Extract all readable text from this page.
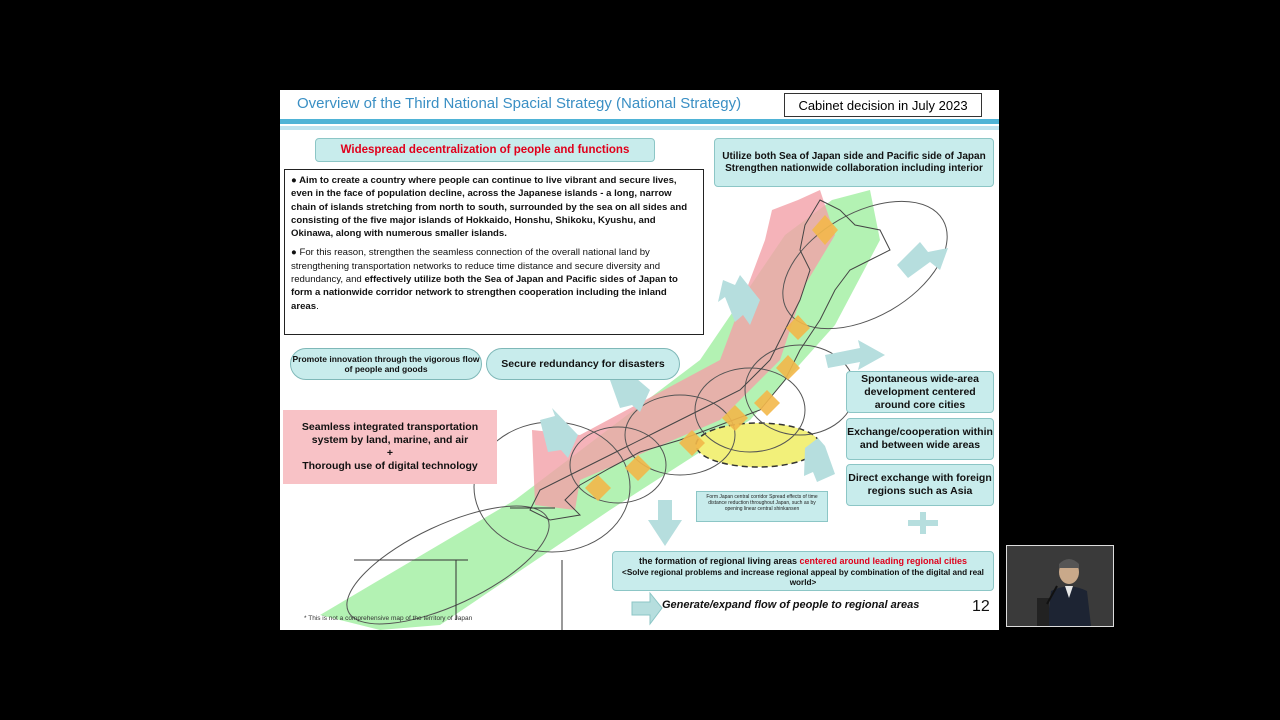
Overview of the Third National Spacial Strategy (National Strategy)	Cabinet decision in July 2023
Widespread decentralization of people and functions	Utilize both Sea of Japan side and Pacific side of Japan
Strengthen nationwide collaboration including interior

● Aim to create a country where people can continue to live vibrant and secure lives, even in the face of population decline, across the Japanese islands - a long, narrow chain of islands stretching from north to south, surrounded by the sea on all sides and consisting of the five major islands of Hokkaido, Honshu, Shikoku, Kyushu, and Okinawa, along with numerous smaller islands.

● For this reason, strengthen the seamless connection of the overall national land by strengthening transportation networks to reduce time distance and secure diversity and redundancy, and effectively utilize both the Sea of Japan and Pacific sides of Japan to form a nationwide corridor network to strengthen cooperation including the inland areas.

Promote innovation through the vigorous flow of people and goods	Secure redundancy for disasters
Seamless integrated transportation system by land, marine, and air
+
Thorough use of digital technology
Spontaneous wide-area development centered around core cities
Exchange/cooperation within and between wide areas
Direct exchange with foreign regions such as Asia
Form Japan central corridor Spread effects of time distance reduction throughout Japan, such as by opening linear central shinkansen
the formation of regional living areas centered around leading regional cities
<Solve regional problems and increase regional appeal by combination of the digital and real world>
Generate/expand flow of people to regional areas	12
* This is not a comprehensive map of the territory of Japan
